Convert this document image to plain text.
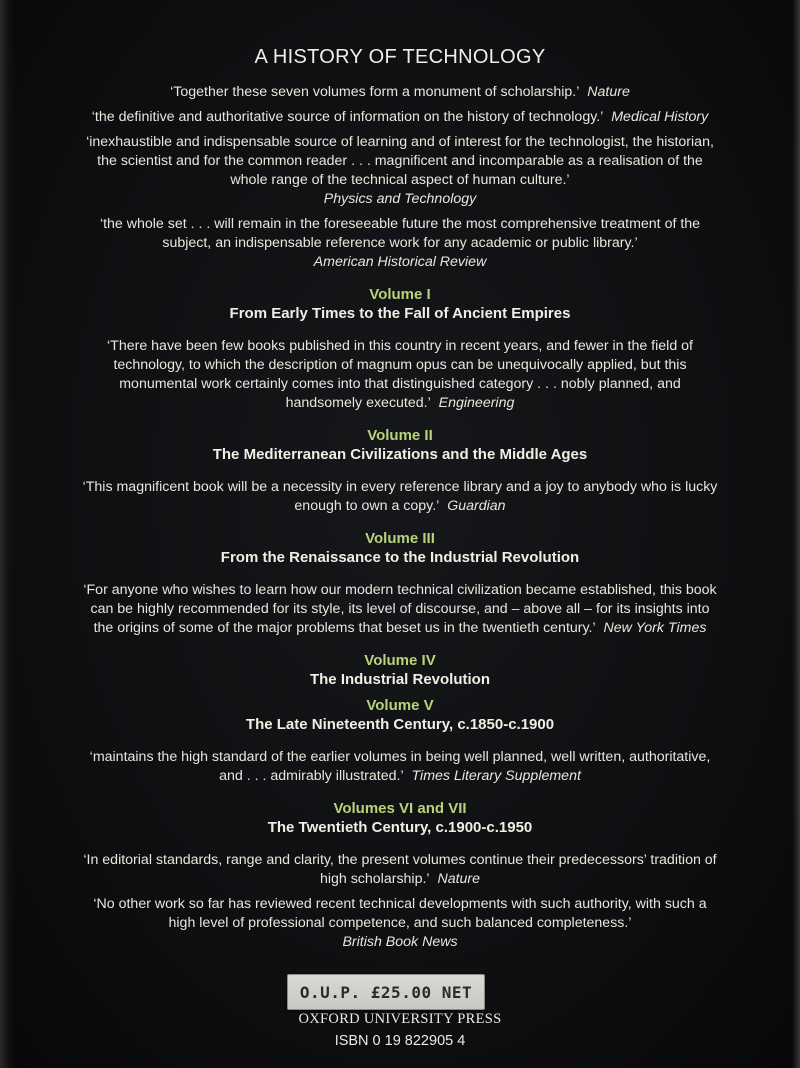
A HISTORY OF TECHNOLOGY

‘Together these seven volumes form a monument of scholarship.’ Nature

‘the definitive and authoritative source of information on the history of technology.’ Medical History

‘inexhaustible and indispensable source of learning and of interest for the technologist, the historian, the scientist and for the common reader . . . magnificent and incomparable as a realisation of the whole range of the technical aspect of human culture.’
Physics and Technology

‘the whole set . . . will remain in the foreseeable future the most comprehensive treatment of the subject, an indispensable reference work for any academic or public library.’
American Historical Review

Volume I
From Early Times to the Fall of Ancient Empires

‘There have been few books published in this country in recent years, and fewer in the field of technology, to which the description of magnum opus can be unequivocally applied, but this monumental work certainly comes into that distinguished category . . . nobly planned, and handsomely executed.’ Engineering

Volume II
The Mediterranean Civilizations and the Middle Ages

‘This magnificent book will be a necessity in every reference library and a joy to anybody who is lucky enough to own a copy.’ Guardian

Volume III
From the Renaissance to the Industrial Revolution

‘For anyone who wishes to learn how our modern technical civilization became established, this book can be highly recommended for its style, its level of discourse, and – above all – for its insights into the origins of some of the major problems that beset us in the twentieth century.’ New York Times

Volume IV
The Industrial Revolution
Volume V
The Late Nineteenth Century, c.1850-c.1900

‘maintains the high standard of the earlier volumes in being well planned, well written, authoritative, and . . . admirably illustrated.’ Times Literary Supplement

Volumes VI and VII
The Twentieth Century, c.1900-c.1950

‘In editorial standards, range and clarity, the present volumes continue their predecessors’ tradition of high scholarship.’ Nature

‘No other work so far has reviewed recent technical developments with such authority, with such a high level of professional competence, and such balanced completeness.’
British Book News

O.U.P. £25.00 NET
OXFORD UNIVERSITY PRESS
ISBN 0 19 822905 4
